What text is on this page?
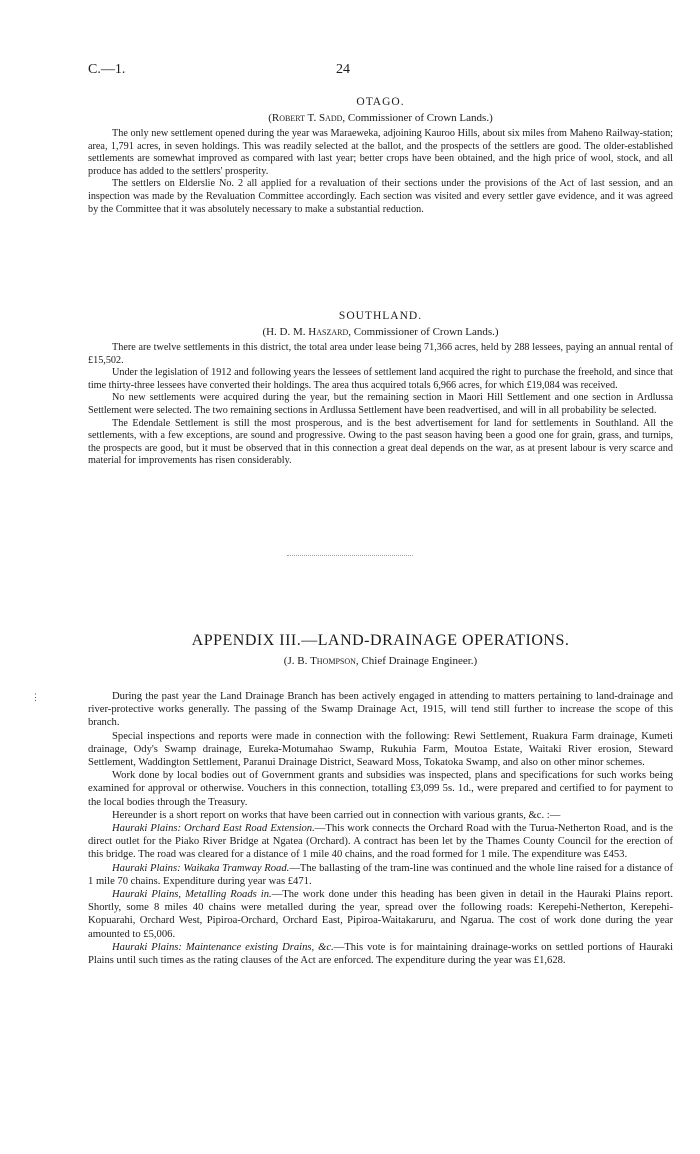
C.—1.	24

OTAGO.

(Robert T. Sadd, Commissioner of Crown Lands.)

The only new settlement opened during the year was Maraeweka, adjoining Kauroo Hills, about six miles from Maheno Railway-station; area, 1,791 acres, in seven holdings. This was readily selected at the ballot, and the prospects of the settlers are good. The older-established settlements are somewhat improved as compared with last year; better crops have been obtained, and the high price of wool, stock, and all produce has added to the settlers' prosperity.

The settlers on Elderslie No. 2 all applied for a revaluation of their sections under the provisions of the Act of last session, and an inspection was made by the Revaluation Committee accordingly. Each section was visited and every settler gave evidence, and it was agreed by the Committee that it was absolutely necessary to make a substantial reduction.

SOUTHLAND.

(H. D. M. Haszard, Commissioner of Crown Lands.)

There are twelve settlements in this district, the total area under lease being 71,366 acres, held by 288 lessees, paying an annual rental of £15,502.

Under the legislation of 1912 and following years the lessees of settlement land acquired the right to purchase the freehold, and since that time thirty-three lessees have converted their holdings. The area thus acquired totals 6,966 acres, for which £19,084 was received.

No new settlements were acquired during the year, but the remaining section in Maori Hill Settlement and one section in Ardlussa Settlement were selected. The two remaining sections in Ardlussa Settlement have been readvertised, and will in all probability be selected.

The Edendale Settlement is still the most prosperous, and is the best advertisement for land for settlements in Southland. All the settlements, with a few exceptions, are sound and progressive. Owing to the past season having been a good one for grain, grass, and turnips, the prospects are good, but it must be observed that in this connection a great deal depends on the war, as at present labour is very scarce and material for improvements has risen considerably.

APPENDIX III.—LAND-DRAINAGE OPERATIONS.

(J. B. Thompson, Chief Drainage Engineer.)

⋮	During the past year the Land Drainage Branch has been actively engaged in attending to matters pertaining to land-drainage and river-protective works generally. The passing of the Swamp Drainage Act, 1915, will tend still further to increase the scope of this branch.

Special inspections and reports were made in connection with the following: Rewi Settlement, Ruakura Farm drainage, Kumeti drainage, Ody's Swamp drainage, Eureka-Motumahao Swamp, Rukuhia Farm, Moutoa Estate, Waitaki River erosion, Steward Settlement, Waddington Settlement, Paranui Drainage District, Seaward Moss, Tokatoka Swamp, and also on other minor schemes.

Work done by local bodies out of Government grants and subsidies was inspected, plans and specifications for such works being examined for approval or otherwise. Vouchers in this connection, totalling £3,099 5s. 1d., were prepared and certified to for payment to the local bodies through the Treasury.

Hereunder is a short report on works that have been carried out in connection with various grants, &c. :—

Hauraki Plains: Orchard East Road Extension.—This work connects the Orchard Road with the Turua-Netherton Road, and is the direct outlet for the Piako River Bridge at Ngatea (Orchard). A contract has been let by the Thames County Council for the erection of this bridge. The road was cleared for a distance of 1 mile 40 chains, and the road formed for 1 mile. The expenditure was £453.

Hauraki Plains: Waikaka Tramway Road.—The ballasting of the tram-line was continued and the whole line raised for a distance of 1 mile 70 chains. Expenditure during year was £471.

Hauraki Plains, Metalling Roads in.—The work done under this heading has been given in detail in the Hauraki Plains report. Shortly, some 8 miles 40 chains were metalled during the year, spread over the following roads: Kerepehi-Netherton, Kerepehi-Kopuarahi, Orchard West, Pipiroa-Orchard, Orchard East, Pipiroa-Waitakaruru, and Ngarua. The cost of work done during the year amounted to £5,006.

Hauraki Plains: Maintenance existing Drains, &c.—This vote is for maintaining drainage-works on settled portions of Hauraki Plains until such times as the rating clauses of the Act are enforced. The expenditure during the year was £1,628.
